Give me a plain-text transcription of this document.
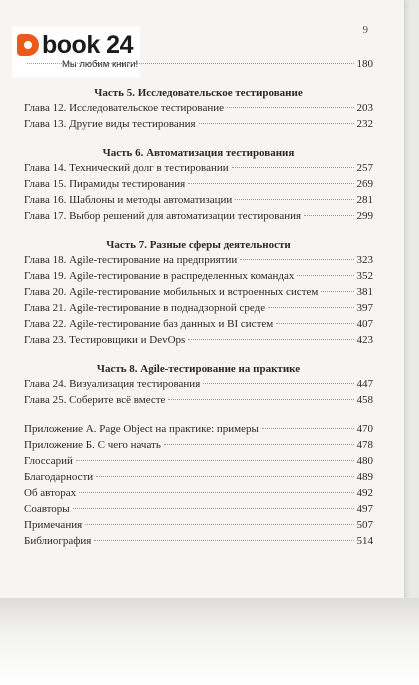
9
book 24
Мы любим книги!	180
Часть 5. Исследовательское тестирование
Глава 12. Исследовательское тестирование	203
Глава 13. Другие виды тестирования	232
Часть 6. Автоматизация тестирования
Глава 14. Технический долг в тестировании	257
Глава 15. Пирамиды тестирования	269
Глава 16. Шаблоны и методы автоматизации	281
Глава 17. Выбор решений для автоматизации тестирования	299
Часть 7. Разные сферы деятельности
Глава 18. Agile-тестирование на предприятии	323
Глава 19. Agile-тестирование в распределенных командах	352
Глава 20. Agile-тестирование мобильных и встроенных систем	381
Глава 21. Agile-тестирование в поднадзорной среде	397
Глава 22. Agile-тестирование баз данных и BI систем	407
Глава 23. Тестировщики и DevOps	423
Часть 8. Agile-тестирование на практике
Глава 24. Визуализация тестирования	447
Глава 25. Соберите всё вместе	458
Приложение А. Page Object на практике: примеры	470
Приложение Б. С чего начать	478
Глоссарий	480
Благодарности	489
Об авторах	492
Соавторы	497
Примечания	507
Библиография	514
